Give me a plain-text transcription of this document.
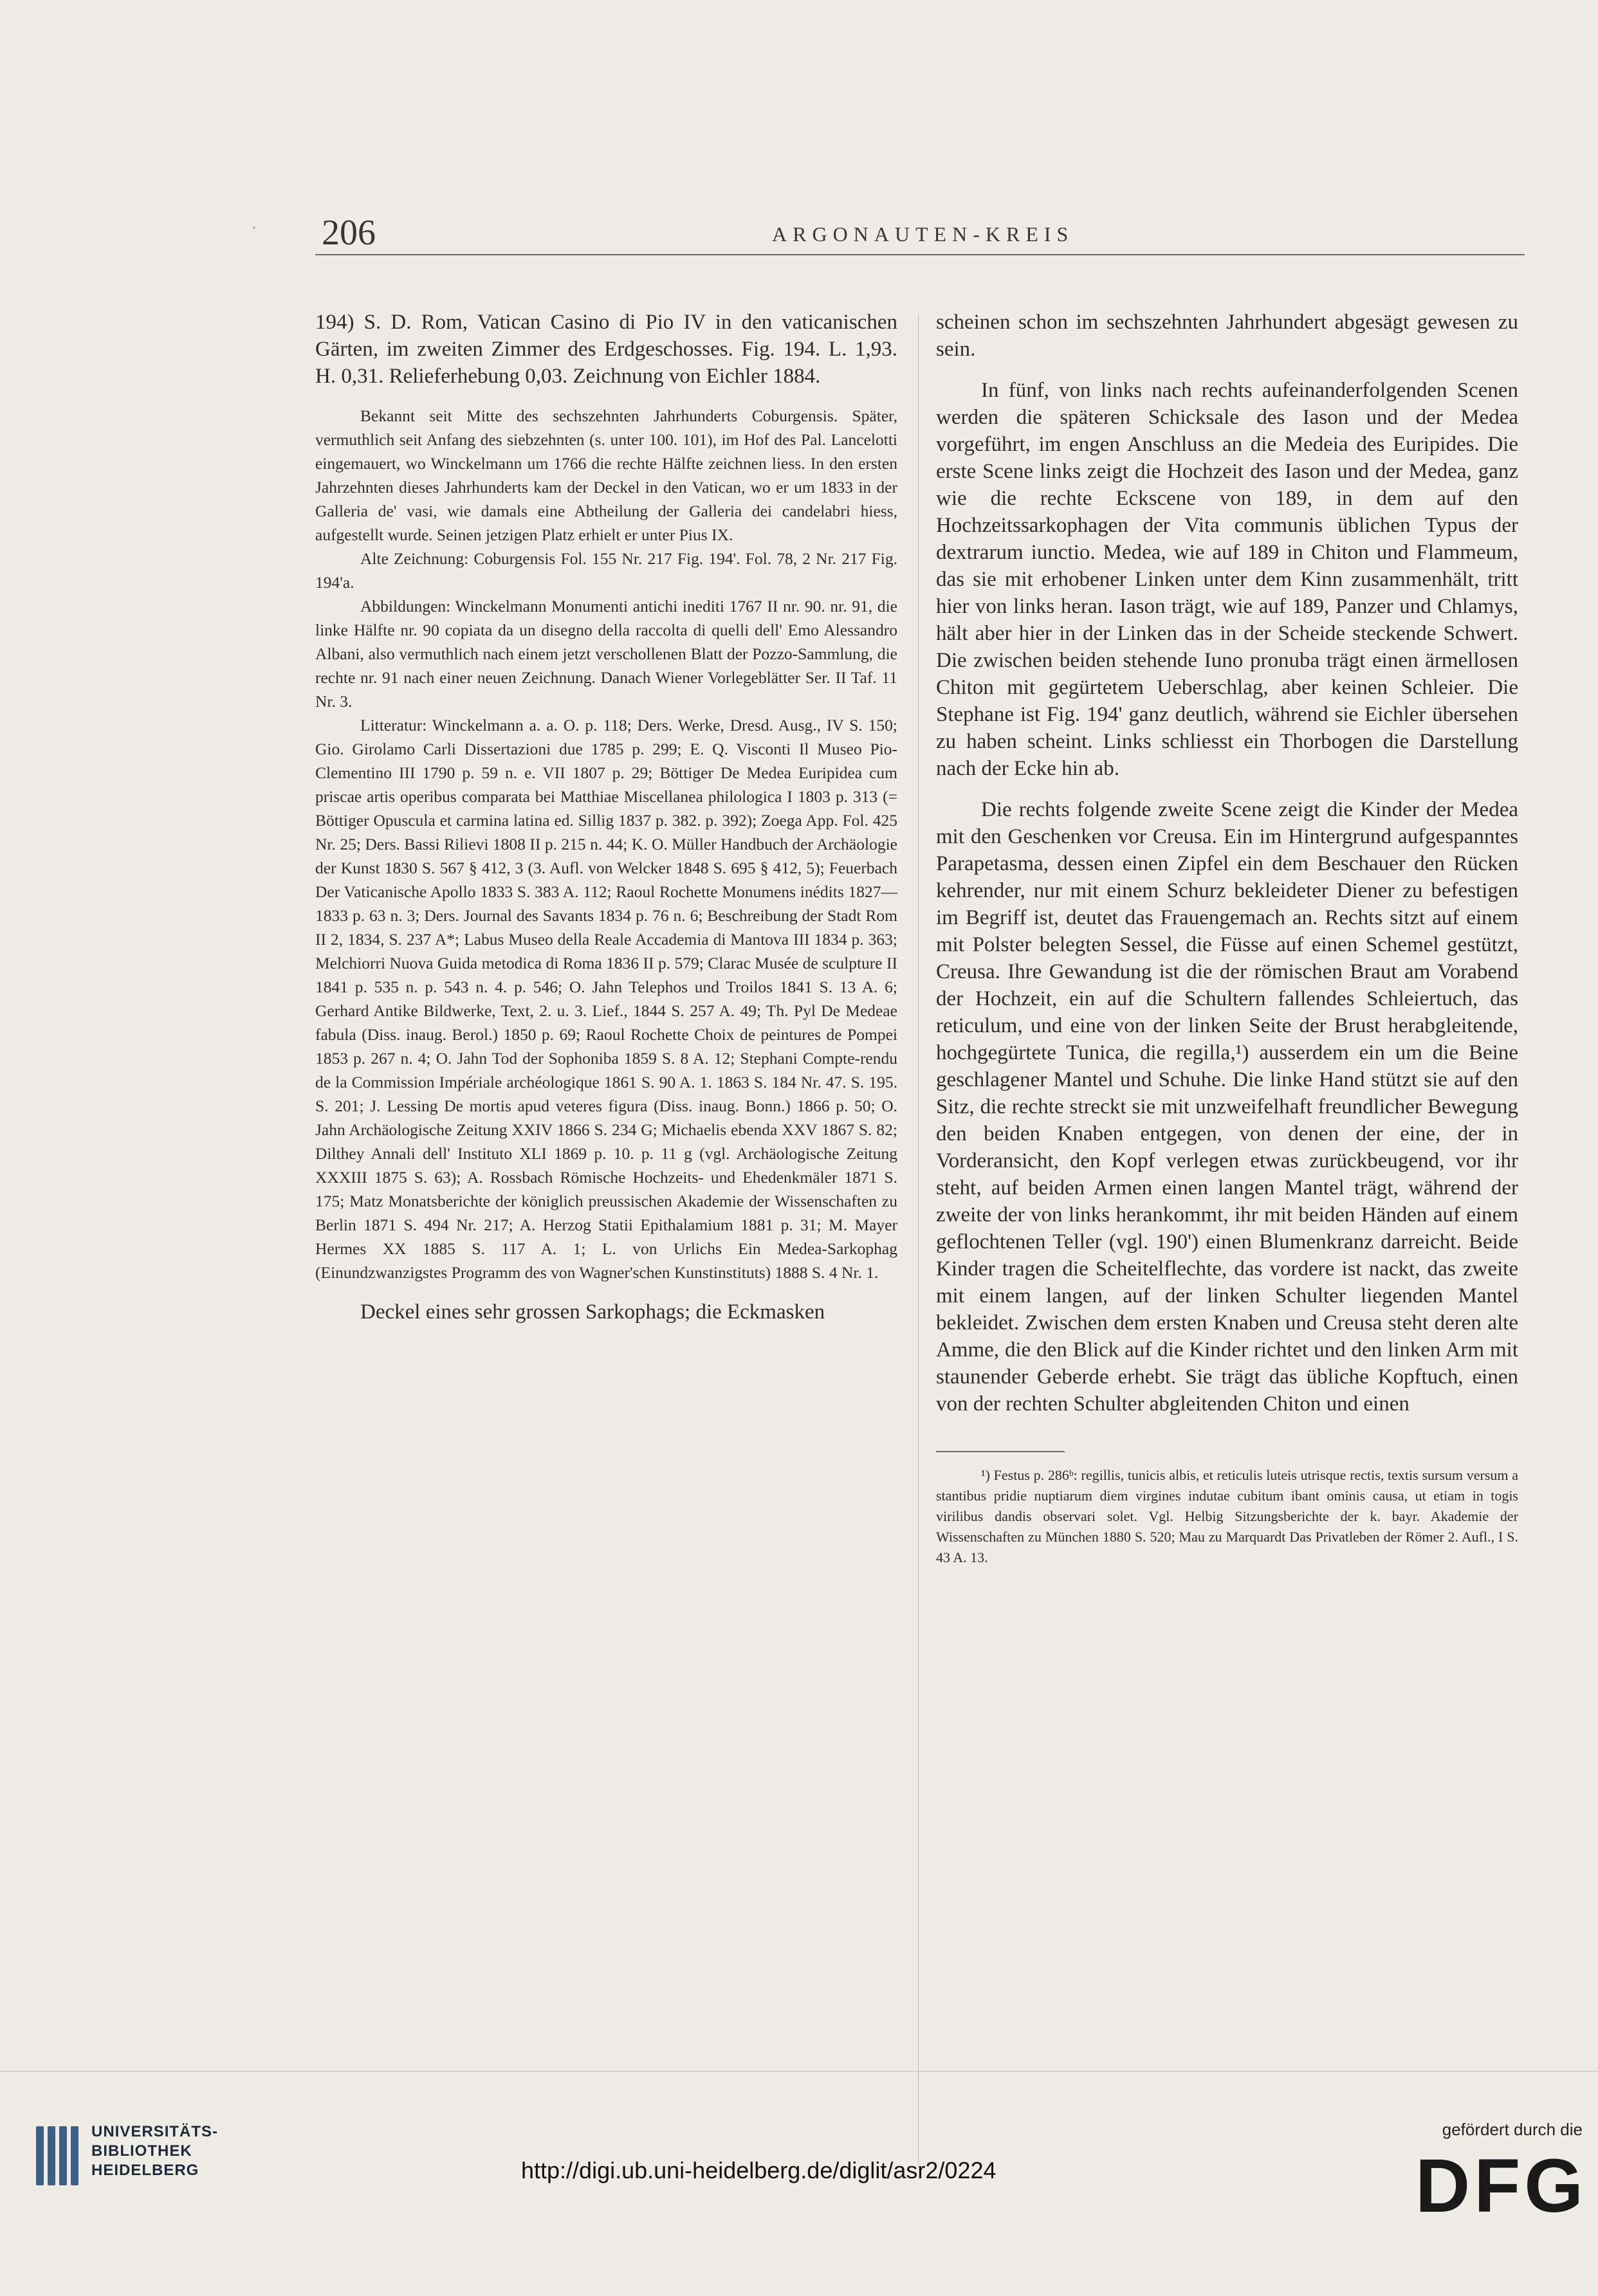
206	ARGONAUTEN-KREIS

194) S. D. Rom, Vatican Casino di Pio IV in den vaticanischen Gärten, im zweiten Zimmer des Erdgeschosses. Fig. 194. L. 1,93. H. 0,31. Relieferhebung 0,03. Zeichnung von Eichler 1884.

Bekannt seit Mitte des sechszehnten Jahrhunderts Coburgensis. Später, vermuthlich seit Anfang des siebzehnten (s. unter 100. 101), im Hof des Pal. Lancelotti eingemauert, wo Winckelmann um 1766 die rechte Hälfte zeichnen liess. In den ersten Jahrzehnten dieses Jahrhunderts kam der Deckel in den Vatican, wo er um 1833 in der Galleria de' vasi, wie damals eine Abtheilung der Galleria dei candelabri hiess, aufgestellt wurde. Seinen jetzigen Platz erhielt er unter Pius IX.

Alte Zeichnung: Coburgensis Fol. 155 Nr. 217 Fig. 194'. Fol. 78, 2 Nr. 217 Fig. 194'a.

Abbildungen: Winckelmann Monumenti antichi inediti 1767 II nr. 90. nr. 91, die linke Hälfte nr. 90 copiata da un disegno della raccolta di quelli dell' Emo Alessandro Albani, also vermuthlich nach einem jetzt verschollenen Blatt der Pozzo-Sammlung, die rechte nr. 91 nach einer neuen Zeichnung. Danach Wiener Vorlegeblätter Ser. II Taf. 11 Nr. 3.

Litteratur: Winckelmann a. a. O. p. 118; Ders. Werke, Dresd. Ausg., IV S. 150; Gio. Girolamo Carli Dissertazioni due 1785 p. 299; E. Q. Visconti Il Museo Pio-Clementino III 1790 p. 59 n. e. VII 1807 p. 29; Böttiger De Medea Euripidea cum priscae artis operibus comparata bei Matthiae Miscellanea philologica I 1803 p. 313 (= Böttiger Opuscula et carmina latina ed. Sillig 1837 p. 382. p. 392); Zoega App. Fol. 425 Nr. 25; Ders. Bassi Rilievi 1808 II p. 215 n. 44; K. O. Müller Handbuch der Archäologie der Kunst 1830 S. 567 § 412, 3 (3. Aufl. von Welcker 1848 S. 695 § 412, 5); Feuerbach Der Vaticanische Apollo 1833 S. 383 A. 112; Raoul Rochette Monumens inédits 1827—1833 p. 63 n. 3; Ders. Journal des Savants 1834 p. 76 n. 6; Beschreibung der Stadt Rom II 2, 1834, S. 237 A*; Labus Museo della Reale Accademia di Mantova III 1834 p. 363; Melchiorri Nuova Guida metodica di Roma 1836 II p. 579; Clarac Musée de sculpture II 1841 p. 535 n. p. 543 n. 4. p. 546; O. Jahn Telephos und Troilos 1841 S. 13 A. 6; Gerhard Antike Bildwerke, Text, 2. u. 3. Lief., 1844 S. 257 A. 49; Th. Pyl De Medeae fabula (Diss. inaug. Berol.) 1850 p. 69; Raoul Rochette Choix de peintures de Pompei 1853 p. 267 n. 4; O. Jahn Tod der Sophoniba 1859 S. 8 A. 12; Stephani Compte-rendu de la Commission Impériale archéologique 1861 S. 90 A. 1. 1863 S. 184 Nr. 47. S. 195. S. 201; J. Lessing De mortis apud veteres figura (Diss. inaug. Bonn.) 1866 p. 50; O. Jahn Archäologische Zeitung XXIV 1866 S. 234 G; Michaelis ebenda XXV 1867 S. 82; Dilthey Annali dell' Instituto XLI 1869 p. 10. p. 11 g (vgl. Archäologische Zeitung XXXIII 1875 S. 63); A. Rossbach Römische Hochzeits- und Ehedenkmäler 1871 S. 175; Matz Monatsberichte der königlich preussischen Akademie der Wissenschaften zu Berlin 1871 S. 494 Nr. 217; A. Herzog Statii Epithalamium 1881 p. 31; M. Mayer Hermes XX 1885 S. 117 A. 1; L. von Urlichs Ein Medea-Sarkophag (Einundzwanzigstes Programm des von Wagner'schen Kunstinstituts) 1888 S. 4 Nr. 1.

Deckel eines sehr grossen Sarkophags; die Eckmasken

scheinen schon im sechszehnten Jahrhundert abgesägt gewesen zu sein.

In fünf, von links nach rechts aufeinanderfolgenden Scenen werden die späteren Schicksale des Iason und der Medea vorgeführt, im engen Anschluss an die Medeia des Euripides. Die erste Scene links zeigt die Hochzeit des Iason und der Medea, ganz wie die rechte Eckscene von 189, in dem auf den Hochzeitssarkophagen der Vita communis üblichen Typus der dextrarum iunctio. Medea, wie auf 189 in Chiton und Flammeum, das sie mit erhobener Linken unter dem Kinn zusammenhält, tritt hier von links heran. Iason trägt, wie auf 189, Panzer und Chlamys, hält aber hier in der Linken das in der Scheide steckende Schwert. Die zwischen beiden stehende Iuno pronuba trägt einen ärmellosen Chiton mit gegürtetem Ueberschlag, aber keinen Schleier. Die Stephane ist Fig. 194' ganz deutlich, während sie Eichler übersehen zu haben scheint. Links schliesst ein Thorbogen die Darstellung nach der Ecke hin ab.

Die rechts folgende zweite Scene zeigt die Kinder der Medea mit den Geschenken vor Creusa. Ein im Hintergrund aufgespanntes Parapetasma, dessen einen Zipfel ein dem Beschauer den Rücken kehrender, nur mit einem Schurz bekleideter Diener zu befestigen im Begriff ist, deutet das Frauengemach an. Rechts sitzt auf einem mit Polster belegten Sessel, die Füsse auf einen Schemel gestützt, Creusa. Ihre Gewandung ist die der römischen Braut am Vorabend der Hochzeit, ein auf die Schultern fallendes Schleiertuch, das reticulum, und eine von der linken Seite der Brust herabgleitende, hochgegürtete Tunica, die regilla,¹) ausserdem ein um die Beine geschlagener Mantel und Schuhe. Die linke Hand stützt sie auf den Sitz, die rechte streckt sie mit unzweifelhaft freundlicher Bewegung den beiden Knaben entgegen, von denen der eine, der in Vorderansicht, den Kopf verlegen etwas zurückbeugend, vor ihr steht, auf beiden Armen einen langen Mantel trägt, während der zweite der von links herankommt, ihr mit beiden Händen auf einem geflochtenen Teller (vgl. 190') einen Blumenkranz darreicht. Beide Kinder tragen die Scheitelflechte, das vordere ist nackt, das zweite mit einem langen, auf der linken Schulter liegenden Mantel bekleidet. Zwischen dem ersten Knaben und Creusa steht deren alte Amme, die den Blick auf die Kinder richtet und den linken Arm mit staunender Geberde erhebt. Sie trägt das übliche Kopftuch, einen von der rechten Schulter abgleitenden Chiton und einen

¹) Festus p. 286ᵇ: regillis, tunicis albis, et reticulis luteis utrisque rectis, textis sursum versum a stantibus pridie nuptiarum diem virgines indutae cubitum ibant ominis causa, ut etiam in togis virilibus dandis observari solet. Vgl. Helbig Sitzungsberichte der k. bayr. Akademie der Wissenschaften zu München 1880 S. 520; Mau zu Marquardt Das Privatleben der Römer 2. Aufl., I S. 43 A. 13.

UNIVERSITÄTS-
BIBLIOTHEK
HEIDELBERG	http://digi.ub.uni-heidelberg.de/diglit/asr2/0224
gefördert durch die
DFG
